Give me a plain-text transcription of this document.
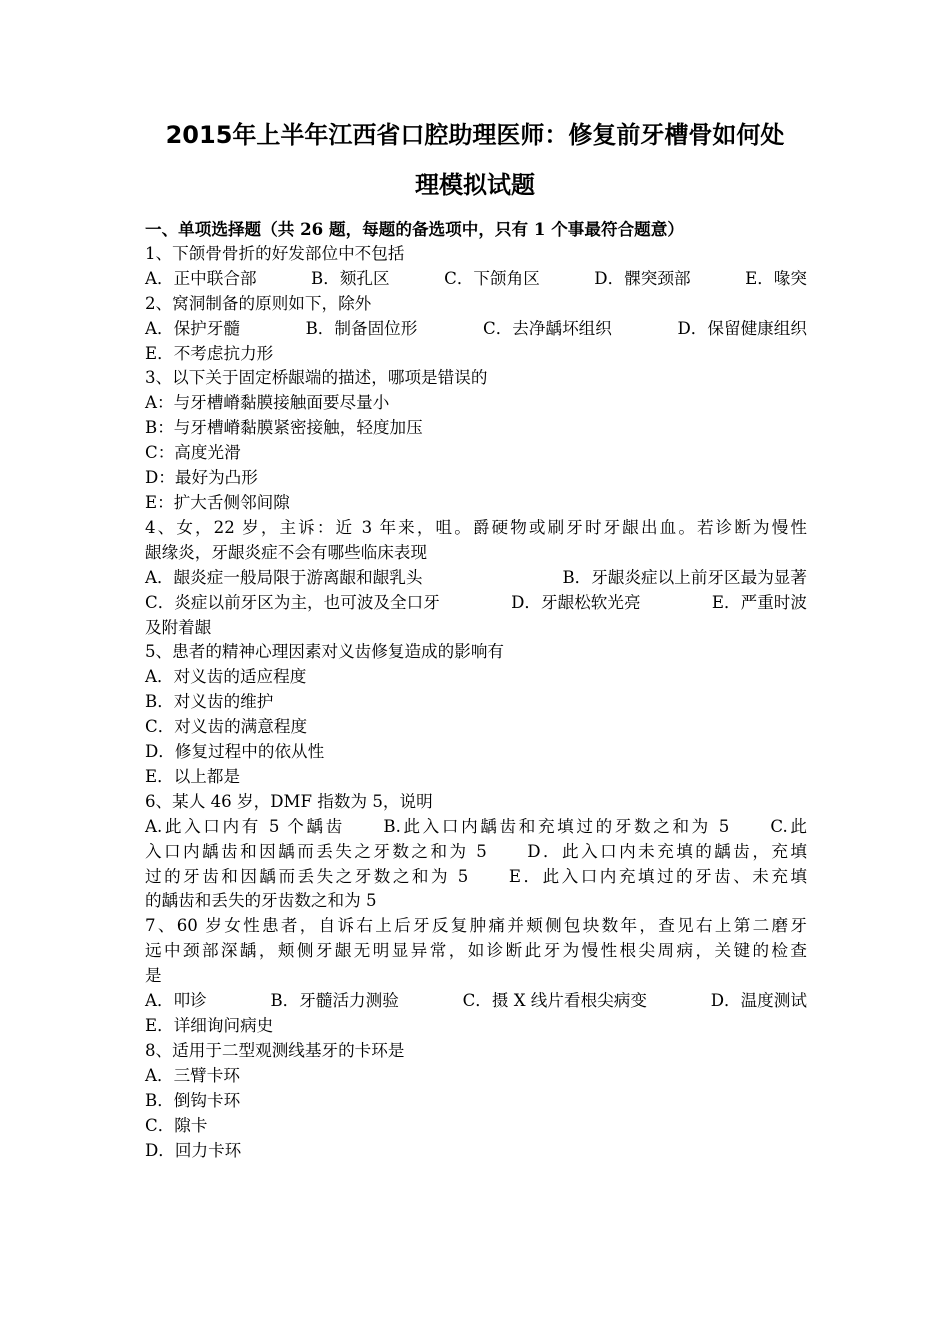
2015年上半年江西省口腔助理医师：修复前牙槽骨如何处
理模拟试题
一、单项选择题（共 26 题，每题的备选项中，只有 1 个事最符合题意）
1、下颌骨骨折的好发部位中不包括
A．正中联合部	B．颏孔区	C．下颌角区	D．髁突颈部	E．喙突
2、窝洞制备的原则如下，除外
A．保护牙髓	B．制备固位形	C．去净龋坏组织	D．保留健康组织
E．不考虑抗力形
3、以下关于固定桥龈端的描述，哪项是错误的
A：与牙槽嵴黏膜接触面要尽量小
B：与牙槽嵴黏膜紧密接触，轻度加压
C：高度光滑
D：最好为凸形
E：扩大舌侧邻间隙
4、女，22 岁，主诉：近 3 年来，咀。爵硬物或刷牙时牙龈出血。若诊断为慢性
龈缘炎，牙龈炎症不会有哪些临床表现
A．龈炎症一般局限于游离龈和龈乳头	B．牙龈炎症以上前牙区最为显著
C．炎症以前牙区为主，也可波及全口牙	D．牙龈松软光亮	E．严重时波
及附着龈
5、患者的精神心理因素对义齿修复造成的影响有
A．对义齿的适应程度
B．对义齿的维护
C．对义齿的满意程度
D．修复过程中的依从性
E．以上都是
6、某人 46 岁，DMF 指数为 5，说明
A.此入口内有 5 个龋齿　　B.此入口内龋齿和充填过的牙数之和为 5　　C.此
入口内龋齿和因龋而丢失之牙数之和为 5　　D．此入口内未充填的龋齿，充填
过的牙齿和因龋而丢失之牙数之和为 5　　E．此入口内充填过的牙齿、未充填
的龋齿和丢失的牙齿数之和为 5
7、60 岁女性患者，自诉右上后牙反复肿痛并颊侧包块数年，查见右上第二磨牙
远中颈部深龋，颊侧牙龈无明显异常，如诊断此牙为慢性根尖周病，关键的检查
是
A．叩诊	B．牙髓活力测验	C．摄 X 线片看根尖病变	D．温度测试
E．详细询问病史
8、适用于二型观测线基牙的卡环是
A．三臂卡环
B．倒钩卡环
C．隙卡
D．回力卡环
